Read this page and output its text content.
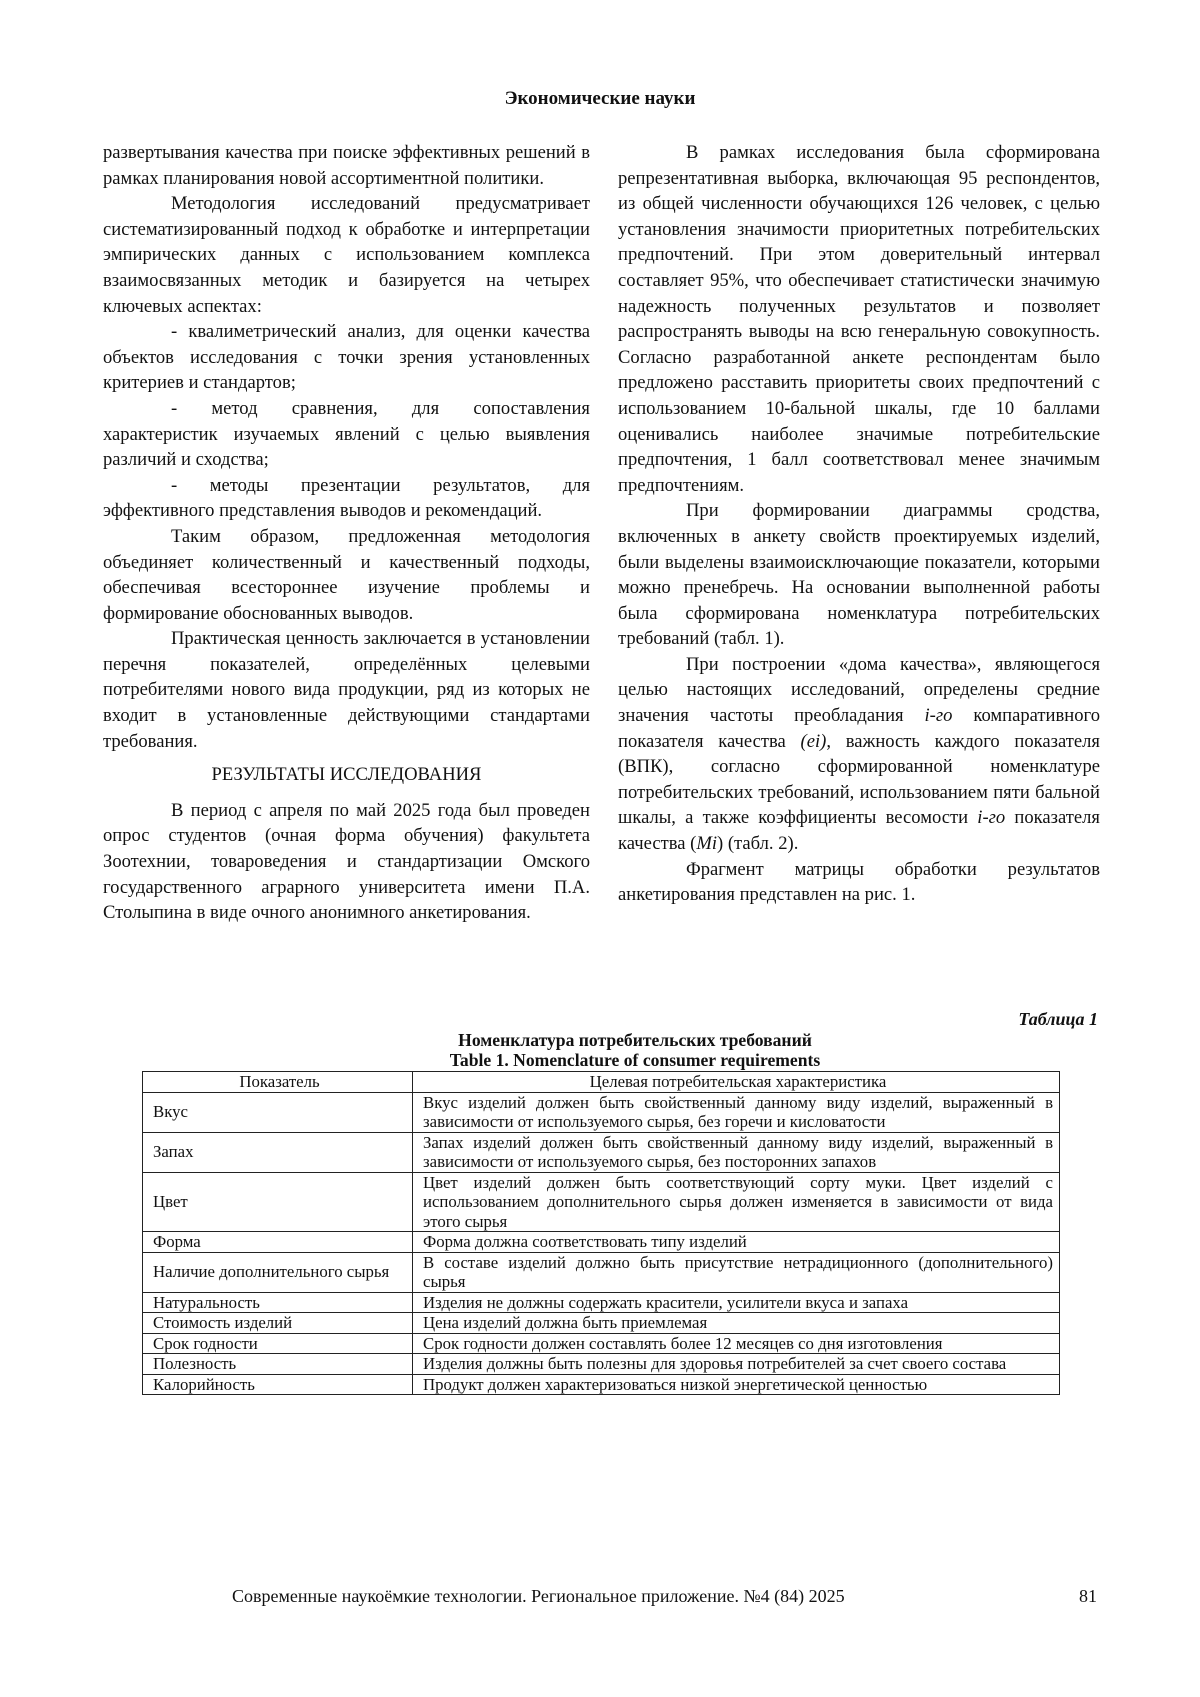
Экономические науки

развертывания качества при поиске эффективных решений в рамках планирования новой ассортиментной политики.

Методология исследований предусматривает систематизированный подход к обработке и интерпретации эмпирических данных с использованием комплекса взаимосвязанных методик и базируется на четырех ключевых аспектах:

- квалиметрический анализ, для оценки качества объектов исследования с точки зрения установленных критериев и стандартов;

- метод сравнения, для сопоставления характеристик изучаемых явлений с целью выявления различий и сходства;

- методы презентации результатов, для эффективного представления выводов и рекомендаций.

Таким образом, предложенная методология объединяет количественный и качественный подходы, обеспечивая всестороннее изучение проблемы и формирование обоснованных выводов.

Практическая ценность заключается в установлении перечня показателей, определённых целевыми потребителями нового вида продукции, ряд из которых не входит в установленные действующими стандартами требования.

РЕЗУЛЬТАТЫ ИССЛЕДОВАНИЯ

В период с апреля по май 2025 года был проведен опрос студентов (очная форма обучения) факультета Зоотехнии, товароведения и стандартизации Омского государственного аграрного университета имени П.А. Столыпина в виде очного анонимного анкетирования.

В рамках исследования была сформирована репрезентативная выборка, включающая 95 респондентов, из общей численности обучающихся 126 человек, с целью установления значимости приоритетных потребительских предпочтений. При этом доверительный интервал составляет 95%, что обеспечивает статистически значимую надежность полученных результатов и позволяет распространять выводы на всю генеральную совокупность. Согласно разработанной анкете респондентам было предложено расставить приоритеты своих предпочтений с использованием 10-бальной шкалы, где 10 баллами оценивались наиболее значимые потребительские предпочтения, 1 балл соответствовал менее значимым предпочтениям.

При формировании диаграммы сродства, включенных в анкету свойств проектируемых изделий, были выделены взаимоисключающие показатели, которыми можно пренебречь. На основании выполненной работы была сформирована номенклатура потребительских требований (табл. 1).

При построении «дома качества», являющегося целью настоящих исследований, определены средние значения частоты преобладания i-го компаративного показателя качества (ei), важность каждого показателя (ВПК), согласно сформированной номенклатуре потребительских требований, использованием пяти бальной шкалы, а также коэффициенты весомости i-го показателя качества (Mi) (табл. 2).

Фрагмент матрицы обработки результатов анкетирования представлен на рис. 1.

Таблица 1
Номенклатура потребительских требований
Table 1. Nomenclature of consumer requirements
Показатель	Целевая потребительская характеристика
Вкус	Вкус изделий должен быть свойственный данному виду изделий, выраженный в зависимости от используемого сырья, без горечи и кисловатости
Запах	Запах изделий должен быть свойственный данному виду изделий, выраженный в зависимости от используемого сырья, без посторонних запахов
Цвет	Цвет изделий должен быть соответствующий сорту муки. Цвет изделий с использованием дополнительного сырья должен изменяется в зависимости от вида этого сырья
Форма	Форма должна соответствовать типу изделий
Наличие дополнительного сырья	В составе изделий должно быть присутствие нетрадиционного (дополнительного) сырья
Натуральность	Изделия не должны содержать красители, усилители вкуса и запаха
Стоимость изделий	Цена изделий должна быть приемлемая
Срок годности	Срок годности должен составлять более 12 месяцев со дня изготовления
Полезность	Изделия должны быть полезны для здоровья потребителей за счет своего состава
Калорийность	Продукт должен характеризоваться низкой энергетической ценностью
Современные наукоёмкие технологии. Региональное приложение. №4 (84) 2025	81
